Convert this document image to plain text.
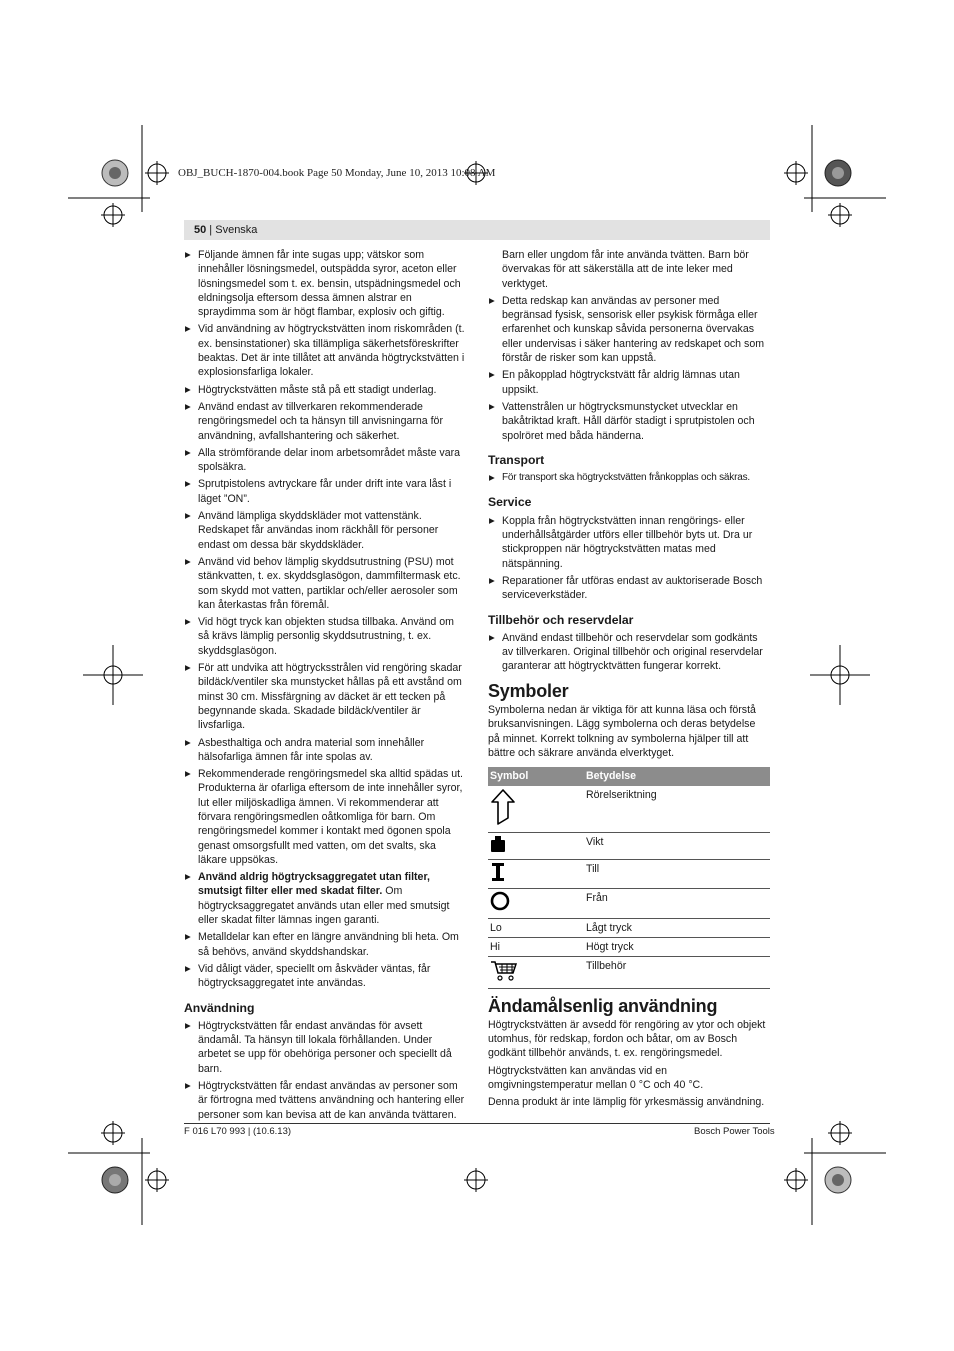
OBJ_BUCH-1870-004.book Page 50 Monday, June 10, 2013 10:08 AM
50 | Svenska
▶ Följande ämnen får inte sugas upp; vätskor som innehåller lösningsmedel, outspädda syror, aceton eller lösningsmedel som t. ex. bensin, utspädningsmedel och eldningsolja eftersom dessa ämnen alstrar en spraydimma som är högt flambar, explosiv och giftig.
▶ Vid användning av högtryckstvätten inom riskområden (t. ex. bensinstationer) ska tillämpliga säkerhetsföreskrifter beaktas. Det är inte tillåtet att använda högtryckstvätten i explosionsfarliga lokaler.
▶ Högtryckstvätten måste stå på ett stadigt underlag.
▶ Använd endast av tillverkaren rekommenderade rengöringsmedel och ta hänsyn till anvisningarna för användning, avfallshantering och säkerhet.
▶ Alla strömförande delar inom arbetsområdet måste vara spolsäkra.
▶ Sprutpistolens avtryckare får under drift inte vara låst i läget ”ON”.
▶ Använd lämpliga skyddskläder mot vattenstänk. Redskapet får användas inom räckhåll för personer endast om dessa bär skyddskläder.
▶ Använd vid behov lämplig skyddsutrustning (PSU) mot stänkvatten, t. ex. skyddsglasögon, dammfiltermask etc. som skydd mot vatten, partiklar och/eller aerosoler som kan återkastas från föremål.
▶ Vid högt tryck kan objekten studsa tillbaka. Använd om så krävs lämplig personlig skyddsutrustning, t. ex. skyddsglasögon.
▶ För att undvika att högtrycksstrålen vid rengöring skadar bildäck/ventiler ska munstycket hållas på ett avstånd om minst 30 cm. Missfärgning av däcket är ett tecken på begynnande skada. Skadade bildäck/ventiler är livsfarliga.
▶ Asbesthaltiga och andra material som innehåller hälsofarliga ämnen får inte spolas av.
▶ Rekommenderade rengöringsmedel ska alltid spädas ut. Produkterna är ofarliga eftersom de inte innehåller syror, lut eller miljöskadliga ämnen. Vi rekommenderar att förvara rengöringsmedlen oåtkomliga för barn. Om rengöringsmedel kommer i kontakt med ögonen spola genast omsorgsfullt med vatten, om det svalts, ska läkare uppsökas.
▶ Använd aldrig högtrycksaggregatet utan filter, smutsigt filter eller med skadat filter. Om högtrycksaggregatet används utan eller med smutsigt eller skadat filter lämnas ingen garanti.
▶ Metalldelar kan efter en längre användning bli heta. Om så behövs, använd skyddshandskar.
▶ Vid dåligt väder, speciellt om åskväder väntas, får högtrycksaggregatet inte användas.
Användning
▶ Högtryckstvätten får endast användas för avsett ändamål. Ta hänsyn till lokala förhållanden. Under arbetet se upp för obehöriga personer och speciellt då barn.
▶ Högtryckstvätten får endast användas av personer som är förtrogna med tvättens användning och hantering eller personer som kan bevisa att de kan använda tvättaren.

Barn eller ungdom får inte använda tvätten. Barn bör övervakas för att säkerställa att de inte leker med verktyget.

▶ Detta redskap kan användas av personer med begränsad fysisk, sensorisk eller psykisk förmåga eller erfarenhet och kunskap såvida personerna övervakas eller undervisas i säker hantering av redskapet och som förstår de risker som kan uppstå.
▶ En påkopplad högtryckstvätt får aldrig lämnas utan uppsikt.
▶ Vattenstrålen ur högtrycksmunstycket utvecklar en bakåtriktad kraft. Håll därför stadigt i sprutpistolen och spolröret med båda händerna.
Transport
▶ För transport ska högtryckstvätten frånkopplas och säkras.
Service
▶ Koppla från högtryckstvätten innan rengörings- eller underhållsåtgärder utförs eller tillbehör byts ut. Dra ur stickproppen när högtryckstvätten matas med nätspänning.
▶ Reparationer får utföras endast av auktoriserade Bosch serviceverkstäder.
Tillbehör och reservdelar
▶ Använd endast tillbehör och reservdelar som godkänts av tillverkaren. Original tillbehör och original reservdelar garanterar att högtrycktvätten fungerar korrekt.
Symboler

Symbolerna nedan är viktiga för att kunna läsa och förstå bruksanvisningen. Lägg symbolerna och deras betydelse på minnet. Korrekt tolkning av symbolerna hjälper till att bättre och säkrare använda elverktyget.

Symbol	Betydelse
	Rörelseriktning
	Vikt
	Till
	Från
Lo	Lågt tryck
Hi	Högt tryck
	Tillbehör
Ändamålsenlig användning

Högtryckstvätten är avsedd för rengöring av ytor och objekt utomhus, för redskap, fordon och båtar, om av Bosch godkänt tillbehör används, t. ex. rengöringsmedel.

Högtryckstvätten kan användas vid en omgivningstemperatur mellan 0 °C och 40 °C.

Denna produkt är inte lämplig för yrkesmässig användning.

F 016 L70 993 | (10.6.13)	Bosch Power Tools
